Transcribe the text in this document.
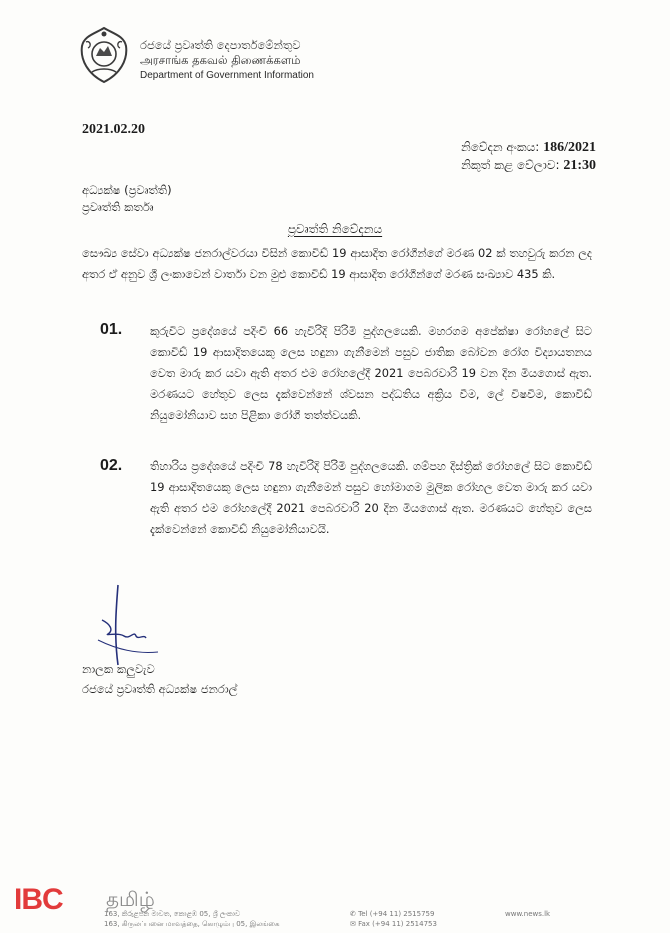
රජයේ ප්‍රවෘත්ති දෙපාර්තමේන්තුව
அரசாங்க தகவல் திணைக்களம்
Department of Government Information
2021.02.20
නිවේදන අංකය: 186/2021
නිකුත් කළ වේලාව: 21:30
අධ්‍යක්ෂ (ප්‍රවෘත්ති)
ප්‍රවෘත්ති කර්තෘ
ප්‍රවෘත්ති නිවේදනය
සෞඛ්‍ය සේවා අධ්‍යක්ෂ ජනරාල්වරයා විසින් කොවිඩ් 19 ආසාදිත රෝගීන්ගේ මරණ 02 ක් තහවුරු කරන ලද අතර ඒ අනුව ශ්‍රී ලංකාවෙන් වාර්තා වන මුළු කොවිඩ් 19 ආසාදිත රෝගීන්ගේ මරණ සංඛ්‍යාව 435 කි.
01. කුරුවිට ප්‍රදේශයේ පදිංචි 66 හැවිරිදි පිරිමි පුද්ගලයෙකි. මහරගම අපේක්ෂා රෝහලේ සිට කොවිඩ් 19 ආසාදිතයෙකු ලෙස හඳුනා ගැනීමෙන් පසුව ජාතික බෝවන රෝග විද්‍යායතනය වෙත මාරු කර යවා ඇති අතර එම රෝහලේදී 2021 පෙබරවාරි 19 වන දින මියගොස් ඇත. මරණයට හේතුව ලෙස දැක්වෙන්නේ ශ්වසන පද්ධතිය අක්‍රිය වීම, ලේ විෂවීම, කොවිඩ් නියුමෝනියාව සහ පිළිකා රෝගී තත්ත්වයකි.
02. තිහාරිය ප්‍රදේශයේ පදිංචි 78 හැවිරිදි පිරිමි පුද්ගලයෙකි. ගම්පහ දිස්ත්‍රික් රෝහලේ සිට කොවිඩ් 19 ආසාදිතයෙකු ලෙස හඳුනා ගැනීමෙන් පසුව හෝමාගම මුලික රෝහල වෙත මාරු කර යවා ඇති අතර එම රෝහලේදී 2021 පෙබරවාරි 20 දින මියගොස් ඇත. මරණයට හේතුව ලෙස දැක්වෙන්නේ කොවිඩ් නියුමෝනියාවයි.
නාලක කලුවැව
රජයේ ප්‍රවෘත්ති අධ්‍යක්ෂ ජනරාල්
IBC தமிழ்
163, කිරුළපන මාවත, කොළඹ 05, ශ්‍රී ලංකාව
163, கிருலப்பனை மாவத்தை, கொழும்பு 05, இலங்கை
✆ Tel (+94 11) 2515759
✉ Fax (+94 11) 2514753
www.news.lk
